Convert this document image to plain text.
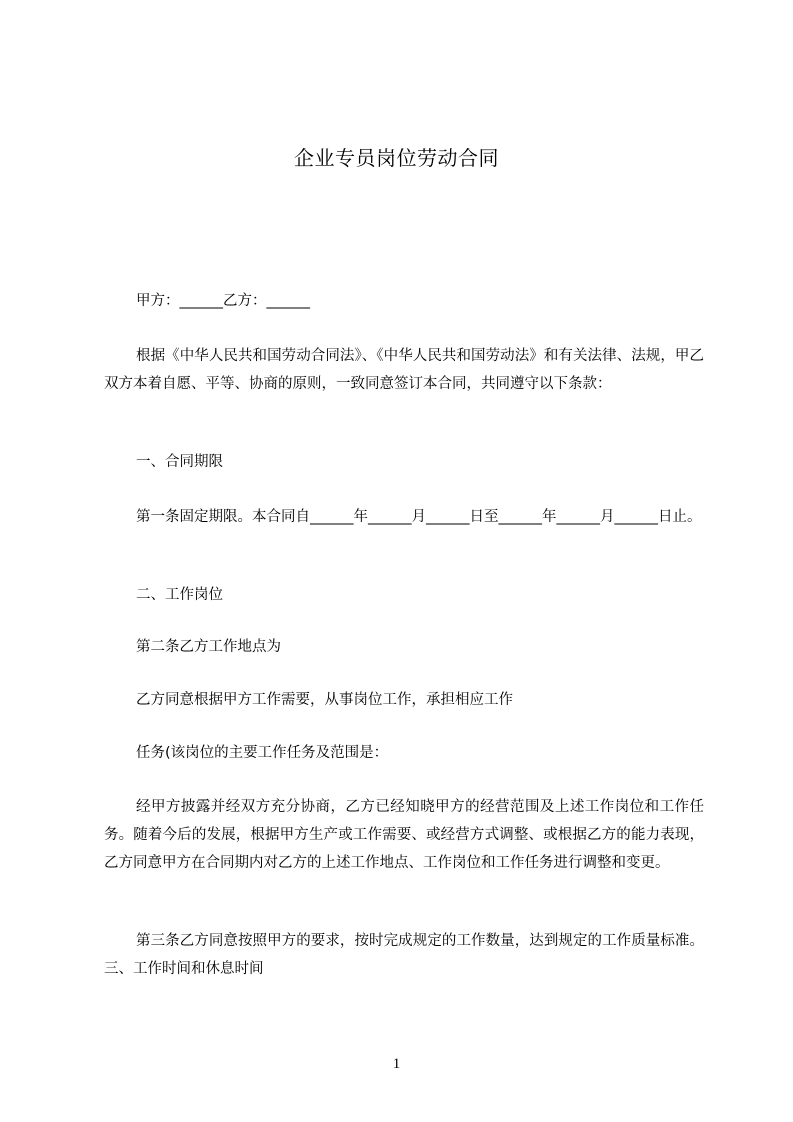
企业专员岗位劳动合同
甲方：______乙方：______
根据《中华人民共和国劳动合同法》、《中华人民共和国劳动法》和有关法律、法规，甲乙双方本着自愿、平等、协商的原则，一致同意签订本合同，共同遵守以下条款：
一、合同期限
第一条固定期限。本合同自______年______月______日至______年______月______日止。
二、工作岗位
第二条乙方工作地点为
乙方同意根据甲方工作需要，从事岗位工作，承担相应工作
任务(该岗位的主要工作任务及范围是：
经甲方披露并经双方充分协商，乙方已经知晓甲方的经营范围及上述工作岗位和工作任务。随着今后的发展，根据甲方生产或工作需要、或经营方式调整、或根据乙方的能力表现，乙方同意甲方在合同期内对乙方的上述工作地点、工作岗位和工作任务进行调整和变更。
第三条乙方同意按照甲方的要求，按时完成规定的工作数量，达到规定的工作质量标准。三、工作时间和休息时间
1
